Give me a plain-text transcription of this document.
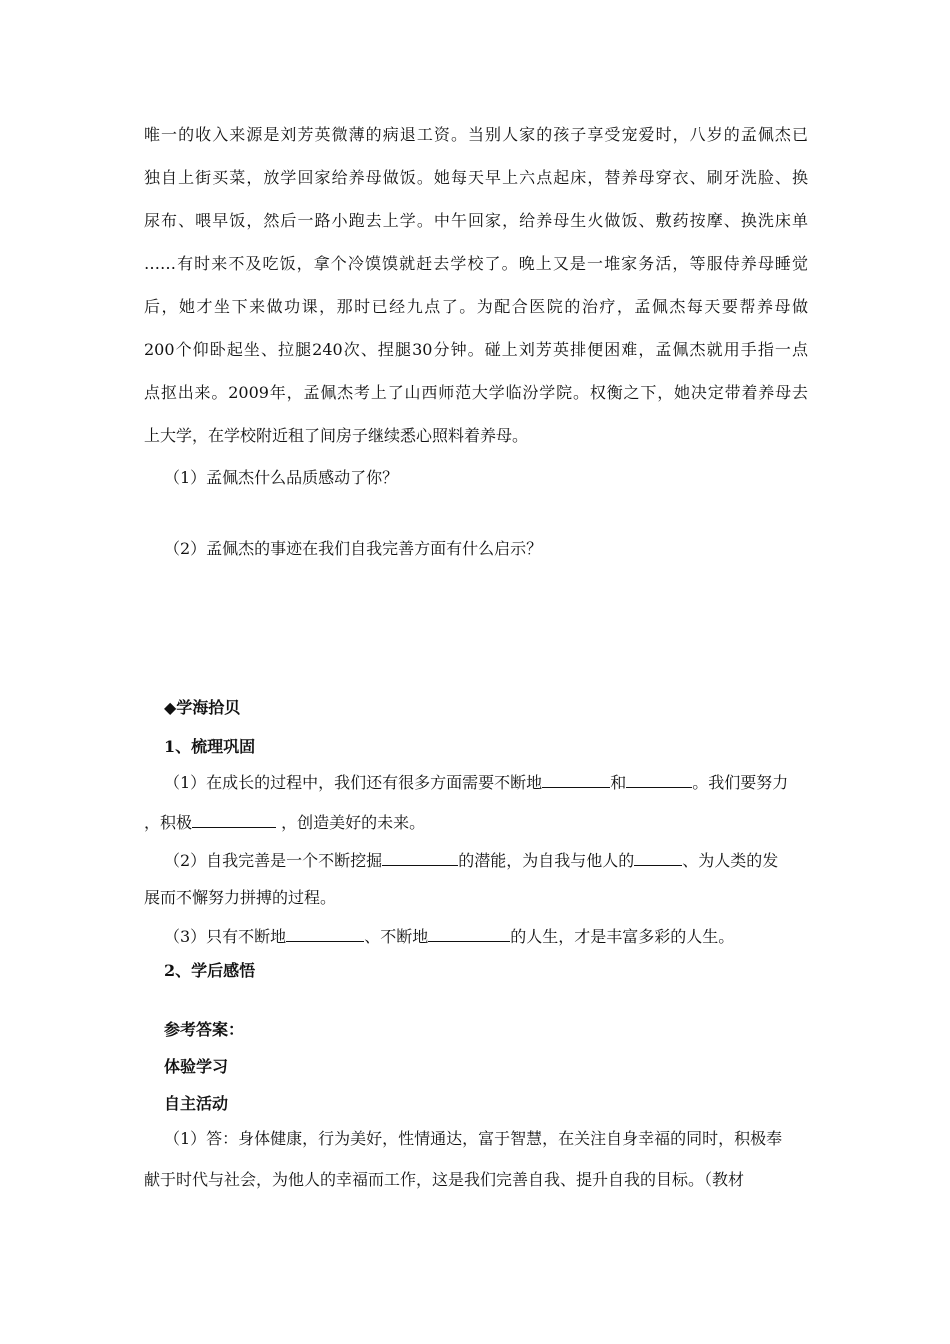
唯一的收入来源是刘芳英微薄的病退工资。当别人家的孩子享受宠爱时，八岁的孟佩杰已
独自上街买菜，放学回家给养母做饭。她每天早上六点起床，替养母穿衣、刷牙洗脸、换
尿布、喂早饭，然后一路小跑去上学。中午回家，给养母生火做饭、敷药按摩、换洗床单
……有时来不及吃饭，拿个冷馍馍就赶去学校了。晚上又是一堆家务活，等服侍养母睡觉
后，她才坐下来做功课，那时已经九点了。为配合医院的治疗，孟佩杰每天要帮养母做
200个仰卧起坐、拉腿240次、捏腿30分钟。碰上刘芳英排便困难，孟佩杰就用手指一点
点抠出来。2009年，孟佩杰考上了山西师范大学临汾学院。权衡之下，她决定带着养母去
上大学，在学校附近租了间房子继续悉心照料着养母。
（1）孟佩杰什么品质感动了你？
（2）孟佩杰的事迹在我们自我完善方面有什么启示？
◆学海拾贝
1、梳理巩固
（1）在成长的过程中，我们还有很多方面需要不断地	和	。我们要努力
，积极	，创造美好的未来。
（2）自我完善是一个不断挖掘	的潜能，为自我与他人的	、为人类的发
展而不懈努力拼搏的过程。
（3）只有不断地	、不断地	的人生，才是丰富多彩的人生。
2、学后感悟
参考答案：
体验学习
自主活动
（1）答：身体健康，行为美好，性情通达，富于智慧，在关注自身幸福的同时，积极奉
献于时代与社会，为他人的幸福而工作，这是我们完善自我、提升自我的目标。（教材
